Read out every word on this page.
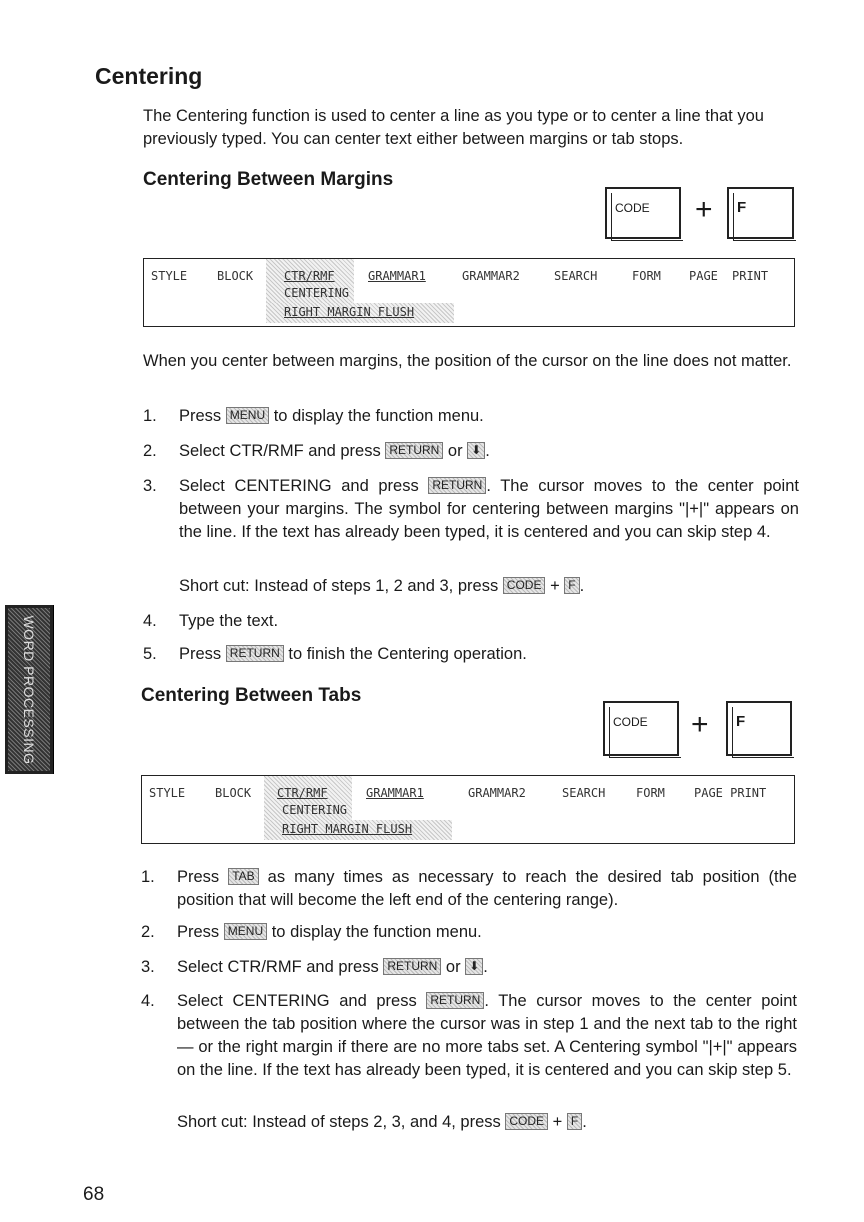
Centering
The Centering function is used to center a line as you type or to center a line that you previously typed. You can center text either between margins or tab stops.
Centering Between Margins
CODE + F
STYLE BLOCK	CTR/RMF	GRAMMAR1	GRAMMAR2	SEARCH	FORM PAGE PRINT
CENTERING
RIGHT MARGIN FLUSH
When you center between margins, the position of the cursor on the line does not matter.
1. Press MENU to display the function menu.
2. Select CTR/RMF and press RETURN or ⬇ .
3. Select CENTERING and press RETURN . The cursor moves to the center point between your margins. The symbol for centering between margins "|+|" appears on the line. If the text has already been typed, it is centered and you can skip step 4.
Short cut: Instead of steps 1, 2 and 3, press CODE + F .
4. Type the text.
5. Press RETURN to finish the Centering operation.
Centering Between Tabs
CODE + F
STYLE BLOCK CTR/RMF	GRAMMAR1	GRAMMAR2	SEARCH	FORM PAGE PRINT
CENTERING
RIGHT MARGIN FLUSH
1. Press TAB as many times as necessary to reach the desired tab position (the position that will become the left end of the centering range).
2. Press MENU to display the function menu.
3. Select CTR/RMF and press RETURN or ⬇ .
4. Select CENTERING and press RETURN . The cursor moves to the center point between the tab position where the cursor was in step 1 and the next tab to the right — or the right margin if there are no more tabs set. A Centering symbol "|+|" appears on the line. If the text has already been typed, it is centered and you can skip step 5.
Short cut: Instead of steps 2, 3, and 4, press CODE + F .
WORD PROCESSING
68
